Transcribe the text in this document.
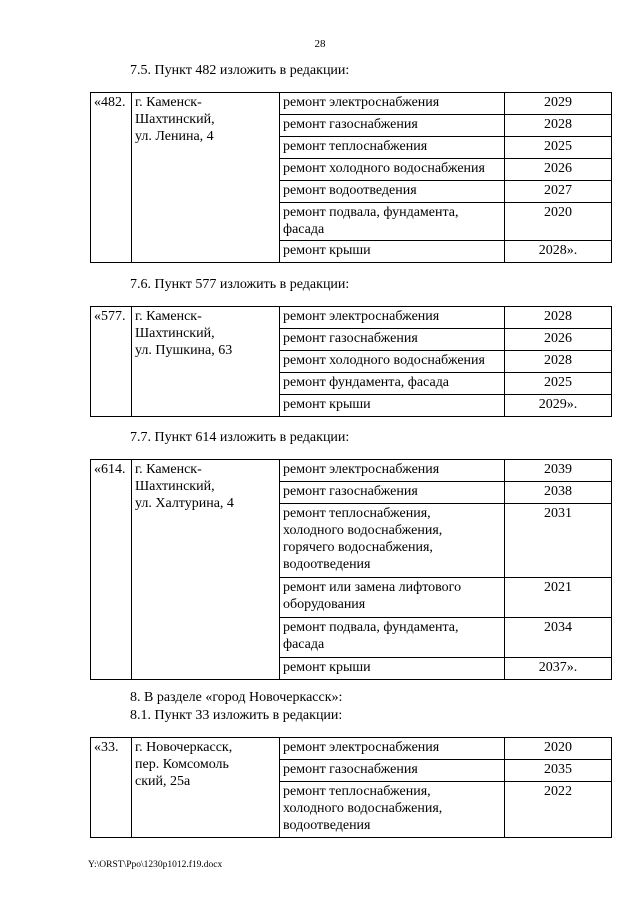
28
7.5. Пункт 482 изложить в редакции:
«482.	г. Каменск-
Шахтинский,
ул. Ленина, 4	ремонт электроснабжения	2029

		ремонт газоснабжения	2028

		ремонт теплоснабжения	2025

		ремонт холодного водоснабжения	2026

		ремонт водоотведения	2027

		ремонт подвала, фундамента,
фасада	2020

		ремонт крыши	2028».
7.6. Пункт 577 изложить в редакции:
«577.	г. Каменск-
Шахтинский,
ул. Пушкина, 63	ремонт электроснабжения	2028

		ремонт газоснабжения	2026

		ремонт холодного водоснабжения	2028

		ремонт фундамента, фасада	2025

		ремонт крыши	2029».
7.7. Пункт 614 изложить в редакции:
«614.	г. Каменск-
Шахтинский,
ул. Халтурина, 4	ремонт электроснабжения	2039

		ремонт газоснабжения	2038

		ремонт теплоснабжения,
холодного водоснабжения,
горячего водоснабжения,
водоотведения	2031

		ремонт или замена лифтового
оборудования	2021

		ремонт подвала, фундамента,
фасада	2034

		ремонт крыши	2037».
8. В разделе «город Новочеркасск»:
8.1. Пункт 33 изложить в редакции:
«33.	г. Новочеркасск,
пер. Комсомоль
ский, 25а	ремонт электроснабжения	2020

		ремонт газоснабжения	2035

		ремонт теплоснабжения,
холодного водоснабжения,
водоотведения	2022
Y:\ORST\Ppo\1230p1012.f19.docx
